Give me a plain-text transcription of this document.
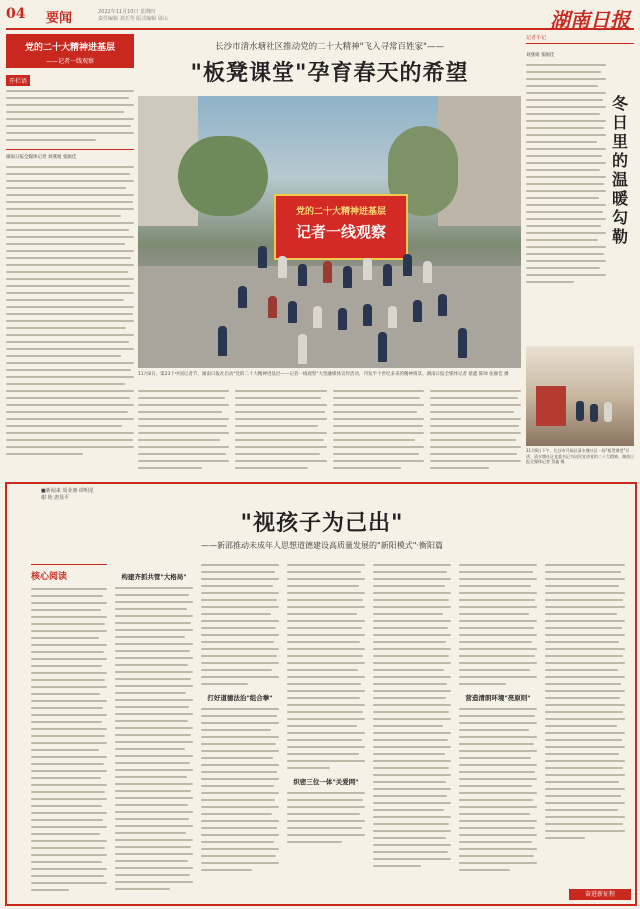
04 要闻	2022年11月10日 星期四
责任编辑 刘长琴 版式编辑 周山	湖南日报
党的二十大精神进基层
——记者一线观察
开栏语
湖南日报全媒体记者 刘燕娟 张颐佳
长沙市清水塘社区推动党的二十大精神"飞入寻常百姓家"——
"板凳课堂"孕育春天的希望
党的二十大精神进基层
记者一线观察
11月8日，第23个中国记者节，湖南日报社启动"党的二十大精神进基层——记者一线观察"大型融媒体宣传活动，刊发半个世纪多来的精神情景。湖南日报全媒体记者 蔡鑫 陈帅 张颐佳 摄
记者手记
刘燕娟 张颐佳
冬日里的温暖勾勒
11月8日下午，长沙市开福区清水塘社区一场"板凳课堂"开讲，清水塘社区党委书记为居民宣讲党的二十大精神。湖南日报全媒体记者 蔡鑫 摄
■新闻来 周业朋 谭明星
谢 艳 唐显平
"视孩子为己出"
——新邵推动未成年人思想道德建设高质量发展的"新阳模式"·衡阳篇
核心阅读	构建齐抓共管"大格局"
打好道德法治"组合拳"
织密三位一体"关爱网"
营造清朗环境"亮原则"
奋进新征程
